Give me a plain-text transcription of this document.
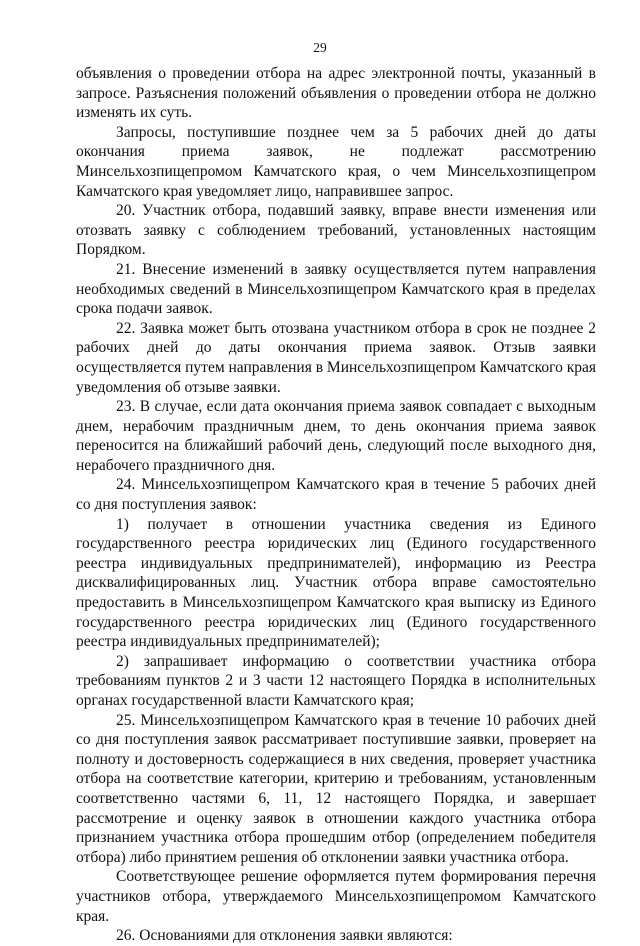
29

объявления о проведении отбора на адрес электронной почты, указанный в запросе. Разъяснения положений объявления о проведении отбора не должно изменять их суть.

Запросы, поступившие позднее чем за 5 рабочих дней до даты окончания приема заявок, не подлежат рассмотрению Минсельхозпищепромом Камчатского края, о чем Минсельхозпищепром Камчатского края уведомляет лицо, направившее запрос.

20. Участник отбора, подавший заявку, вправе внести изменения или отозвать заявку с соблюдением требований, установленных настоящим Порядком.

21. Внесение изменений в заявку осуществляется путем направления необходимых сведений в Минсельхозпищепром Камчатского края в пределах срока подачи заявок.

22. Заявка может быть отозвана участником отбора в срок не позднее 2 рабочих дней до даты окончания приема заявок. Отзыв заявки осуществляется путем направления в Минсельхозпищепром Камчатского края уведомления об отзыве заявки.

23. В случае, если дата окончания приема заявок совпадает с выходным днем, нерабочим праздничным днем, то день окончания приема заявок переносится на ближайший рабочий день, следующий после выходного дня, нерабочего праздничного дня.

24. Минсельхозпищепром Камчатского края в течение 5 рабочих дней со дня поступления заявок:

1) получает в отношении участника сведения из Единого государственного реестра юридических лиц (Единого государственного реестра индивидуальных предпринимателей), информацию из Реестра дисквалифицированных лиц. Участник отбора вправе самостоятельно предоставить в Минсельхозпищепром Камчатского края выписку из Единого государственного реестра юридических лиц (Единого государственного реестра индивидуальных предпринимателей);

2) запрашивает информацию о соответствии участника отбора требованиям пунктов 2 и 3 части 12 настоящего Порядка в исполнительных органах государственной власти Камчатского края;

25. Минсельхозпищепром Камчатского края в течение 10 рабочих дней со дня поступления заявок рассматривает поступившие заявки, проверяет на полноту и достоверность содержащиеся в них сведения, проверяет участника отбора на соответствие категории, критерию и требованиям, установленным соответственно частями 6, 11, 12 настоящего Порядка, и завершает рассмотрение и оценку заявок в отношении каждого участника отбора признанием участника отбора прошедшим отбор (определением победителя отбора) либо принятием решения об отклонении заявки участника отбора.

Соответствующее решение оформляется путем формирования перечня участников отбора, утверждаемого Минсельхозпищепромом Камчатского края.

26. Основаниями для отклонения заявки являются:
